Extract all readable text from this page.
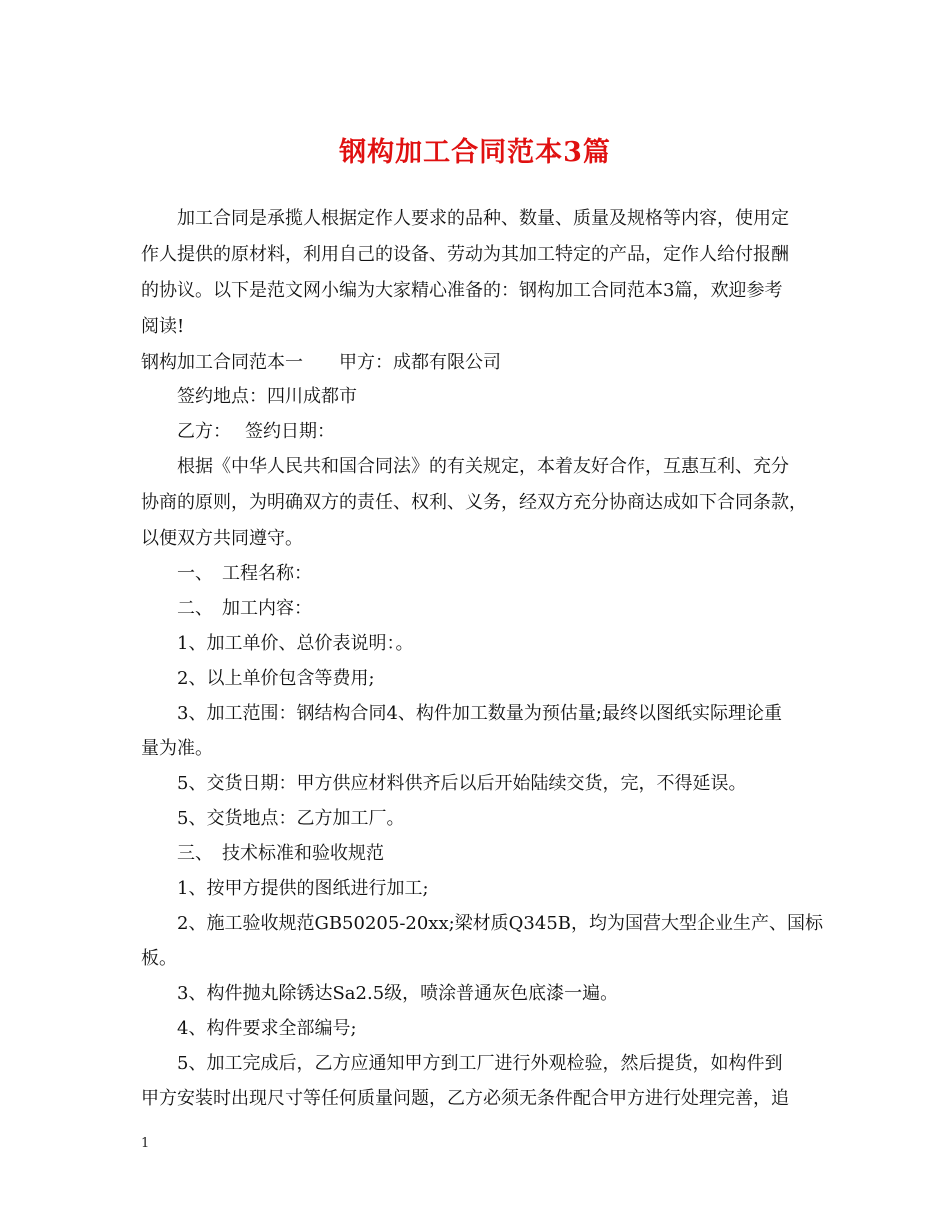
钢构加工合同范本3篇
加工合同是承揽人根据定作人要求的品种、数量、质量及规格等内容，使用定
作人提供的原材料，利用自己的设备、劳动为其加工特定的产品，定作人给付报酬
的协议。以下是范文网小编为大家精心准备的：钢构加工合同范本3篇，欢迎参考
阅读!
钢构加工合同范本一 甲方：成都有限公司
签约地点：四川成都市
乙方： 签约日期：
根据《中华人民共和国合同法》的有关规定，本着友好合作，互惠互利、充分
协商的原则，为明确双方的责任、权利、义务，经双方充分协商达成如下合同条款，
以便双方共同遵守。
一、　工程名称：
二、　加工内容：
1、加工单价、总价表说明：。
2、以上单价包含等费用;
3、加工范围：钢结构合同4、构件加工数量为预估量;最终以图纸实际理论重
量为准。
5、交货日期：甲方供应材料供齐后以后开始陆续交货，完，不得延误。
5、交货地点：乙方加工厂。
三、　技术标准和验收规范
1、按甲方提供的图纸进行加工;
2、施工验收规范GB50205-20xx;梁材质Q345B，均为国营大型企业生产、国标
板。
3、构件抛丸除锈达Sa2.5级，喷涂普通灰色底漆一遍。
4、构件要求全部编号;
5、加工完成后，乙方应通知甲方到工厂进行外观检验，然后提货，如构件到
甲方安装时出现尺寸等任何质量问题，乙方必须无条件配合甲方进行处理完善，追
1
